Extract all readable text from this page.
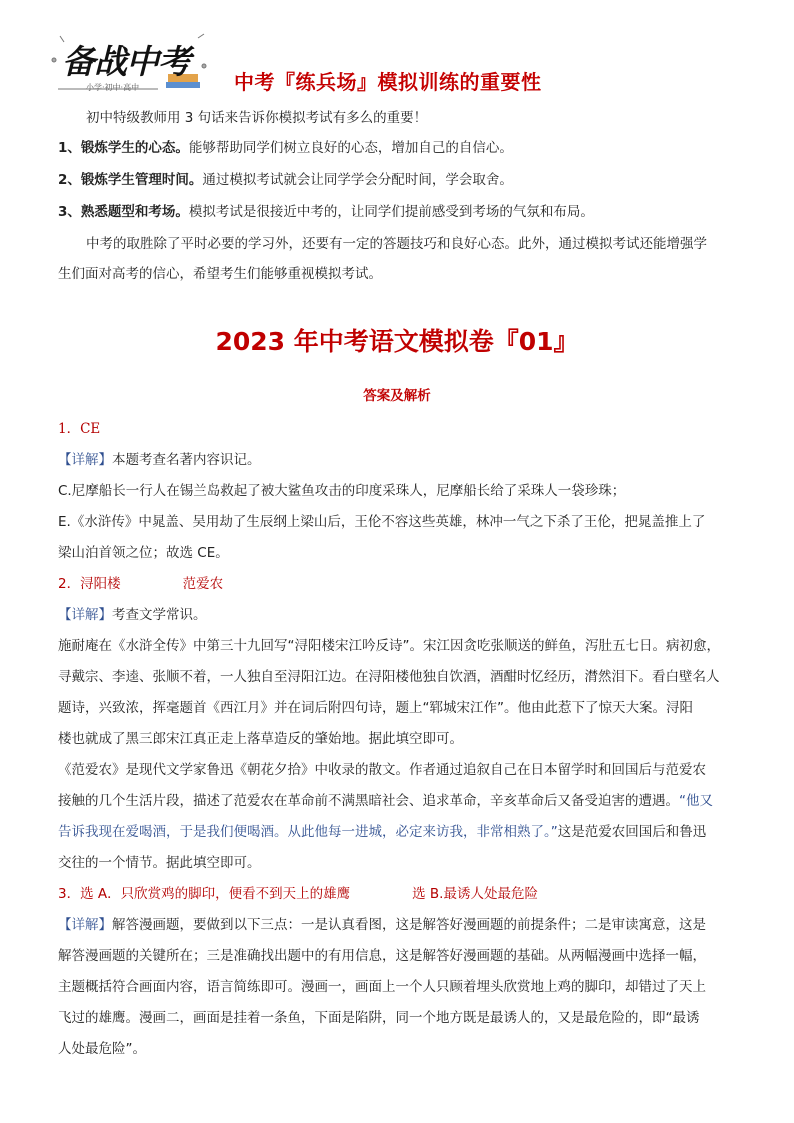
备战中考
小学·初中·高中	中考『练兵场』模拟训练的重要性
初中特级教师用 3 句话来告诉你模拟考试有多么的重要！
1、锻炼学生的心态。能够帮助同学们树立良好的心态，增加自己的自信心。
2、锻炼学生管理时间。通过模拟考试就会让同学学会分配时间，学会取舍。
3、熟悉题型和考场。模拟考试是很接近中考的，让同学们提前感受到考场的气氛和布局。
中考的取胜除了平时必要的学习外，还要有一定的答题技巧和良好心态。此外，通过模拟考试还能增强学
生们面对高考的信心，希望考生们能够重视模拟考试。
2023 年中考语文模拟卷『01』
答案及解析
1．CE
【详解】本题考查名著内容识记。
C.尼摩船长一行人在锡兰岛救起了被大鲨鱼攻击的印度采珠人，尼摩船长给了采珠人一袋珍珠；
E.《水浒传》中晁盖、吴用劫了生辰纲上梁山后，王伦不容这些英雄，林冲一气之下杀了王伦，把晁盖推上了
梁山泊首领之位；故选 CE。
2．浔阳楼	范爱农
【详解】考查文学常识。
施耐庵在《水浒全传》中第三十九回写“浔阳楼宋江吟反诗”。宋江因贪吃张顺送的鲜鱼，泻肚五七日。病初愈，
寻戴宗、李逵、张顺不着，一人独自至浔阳江边。在浔阳楼他独自饮酒，酒酣时忆经历，潸然泪下。看白壁名人
题诗，兴致浓，挥毫题首《西江月》并在词后附四句诗，题上“郓城宋江作”。他由此惹下了惊天大案。浔阳
楼也就成了黑三郎宋江真正走上落草造反的肇始地。据此填空即可。
《范爱农》是现代文学家鲁迅《朝花夕拾》中收录的散文。作者通过追叙自己在日本留学时和回国后与范爱农
接触的几个生活片段，描述了范爱农在革命前不满黑暗社会、追求革命，辛亥革命后又备受迫害的遭遇。“他又
告诉我现在爱喝酒，于是我们便喝酒。从此他每一进城，必定来访我，非常相熟了。”这是范爱农回国后和鲁迅
交往的一个情节。据此填空即可。
3．选 A．只欣赏鸡的脚印，便看不到天上的雄鹰	选 B.最诱人处最危险
【详解】解答漫画题，要做到以下三点：一是认真看图，这是解答好漫画题的前提条件；二是审读寓意，这是
解答漫画题的关键所在；三是准确找出题中的有用信息，这是解答好漫画题的基础。从两幅漫画中选择一幅，
主题概括符合画面内容，语言简练即可。漫画一，画面上一个人只顾着埋头欣赏地上鸡的脚印，却错过了天上
飞过的雄鹰。漫画二，画面是挂着一条鱼，下面是陷阱，同一个地方既是最诱人的，又是最危险的，即“最诱
人处最危险”。
